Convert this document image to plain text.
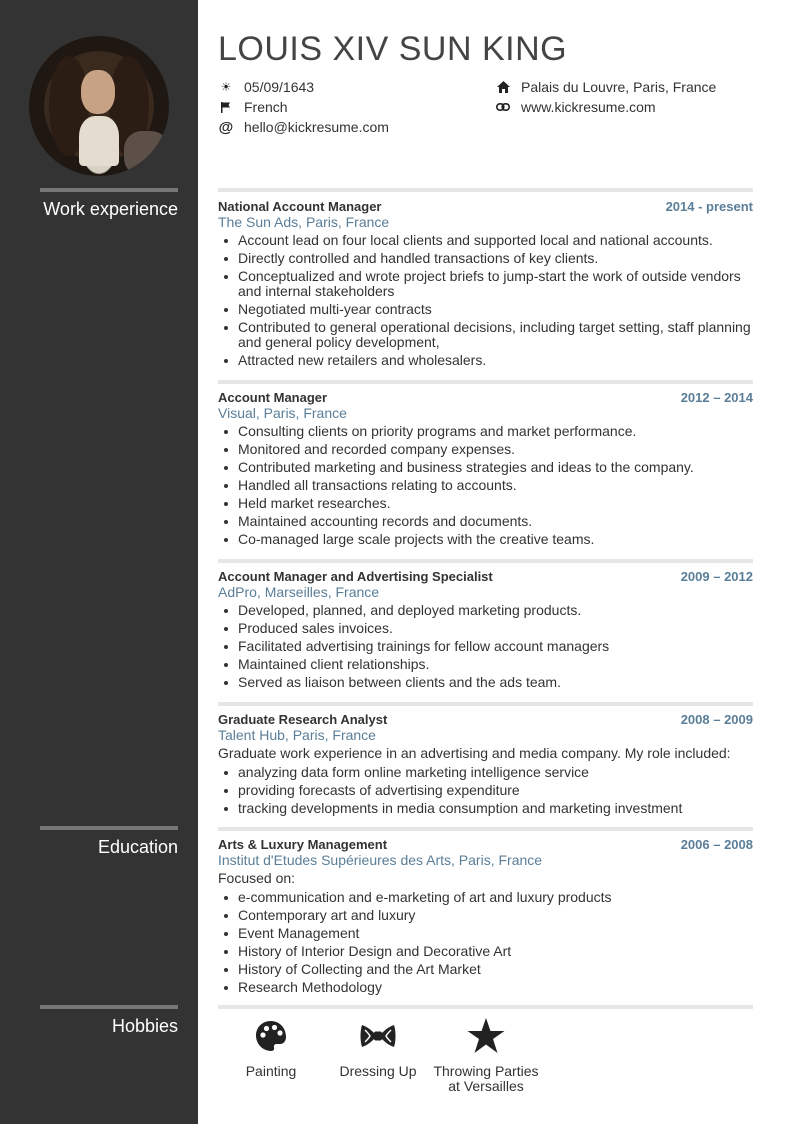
Work experience
Education
Hobbies
LOUIS XIV SUN KING
☀ 05/09/1643
French
@ hello@kickresume.com
Palais du Louvre, Paris, France
www.kickresume.com
National Account Manager	2014 - present
The Sun Ads, Paris, France
Account lead on four local clients and supported local and national accounts.
Directly controlled and handled transactions of key clients.
Conceptualized and wrote project briefs to jump-start the work of outside vendors and internal stakeholders
Negotiated multi-year contracts
Contributed to general operational decisions, including target setting, staff planning and general policy development,
Attracted new retailers and wholesalers.
Account Manager	2012 – 2014
Visual, Paris, France
Consulting clients on priority programs and market performance.
Monitored and recorded company expenses.
Contributed marketing and business strategies and ideas to the company.
Handled all transactions relating to accounts.
Held market researches.
Maintained accounting records and documents.
Co-managed large scale projects with the creative teams.
Account Manager and Advertising Specialist	2009 – 2012
AdPro, Marseilles, France
Developed, planned, and deployed marketing products.
Produced sales invoices.
Facilitated advertising trainings for fellow account managers
Maintained client relationships.
Served as liaison between clients and the ads team.
Graduate Research Analyst	2008 – 2009
Talent Hub, Paris, France
Graduate work experience in an advertising and media company. My role included:
analyzing data form online marketing intelligence service
providing forecasts of advertising expenditure
tracking developments in media consumption and marketing investment
Arts & Luxury Management	2006 – 2008
Institut d'Etudes Supérieures des Arts, Paris, France
Focused on:
e-communication and e-marketing of art and luxury products
Contemporary art and luxury
Event Management
History of Interior Design and Decorative Art
History of Collecting and the Art Market
Research Methodology
Painting	Dressing Up	Throwing Parties at Versailles
